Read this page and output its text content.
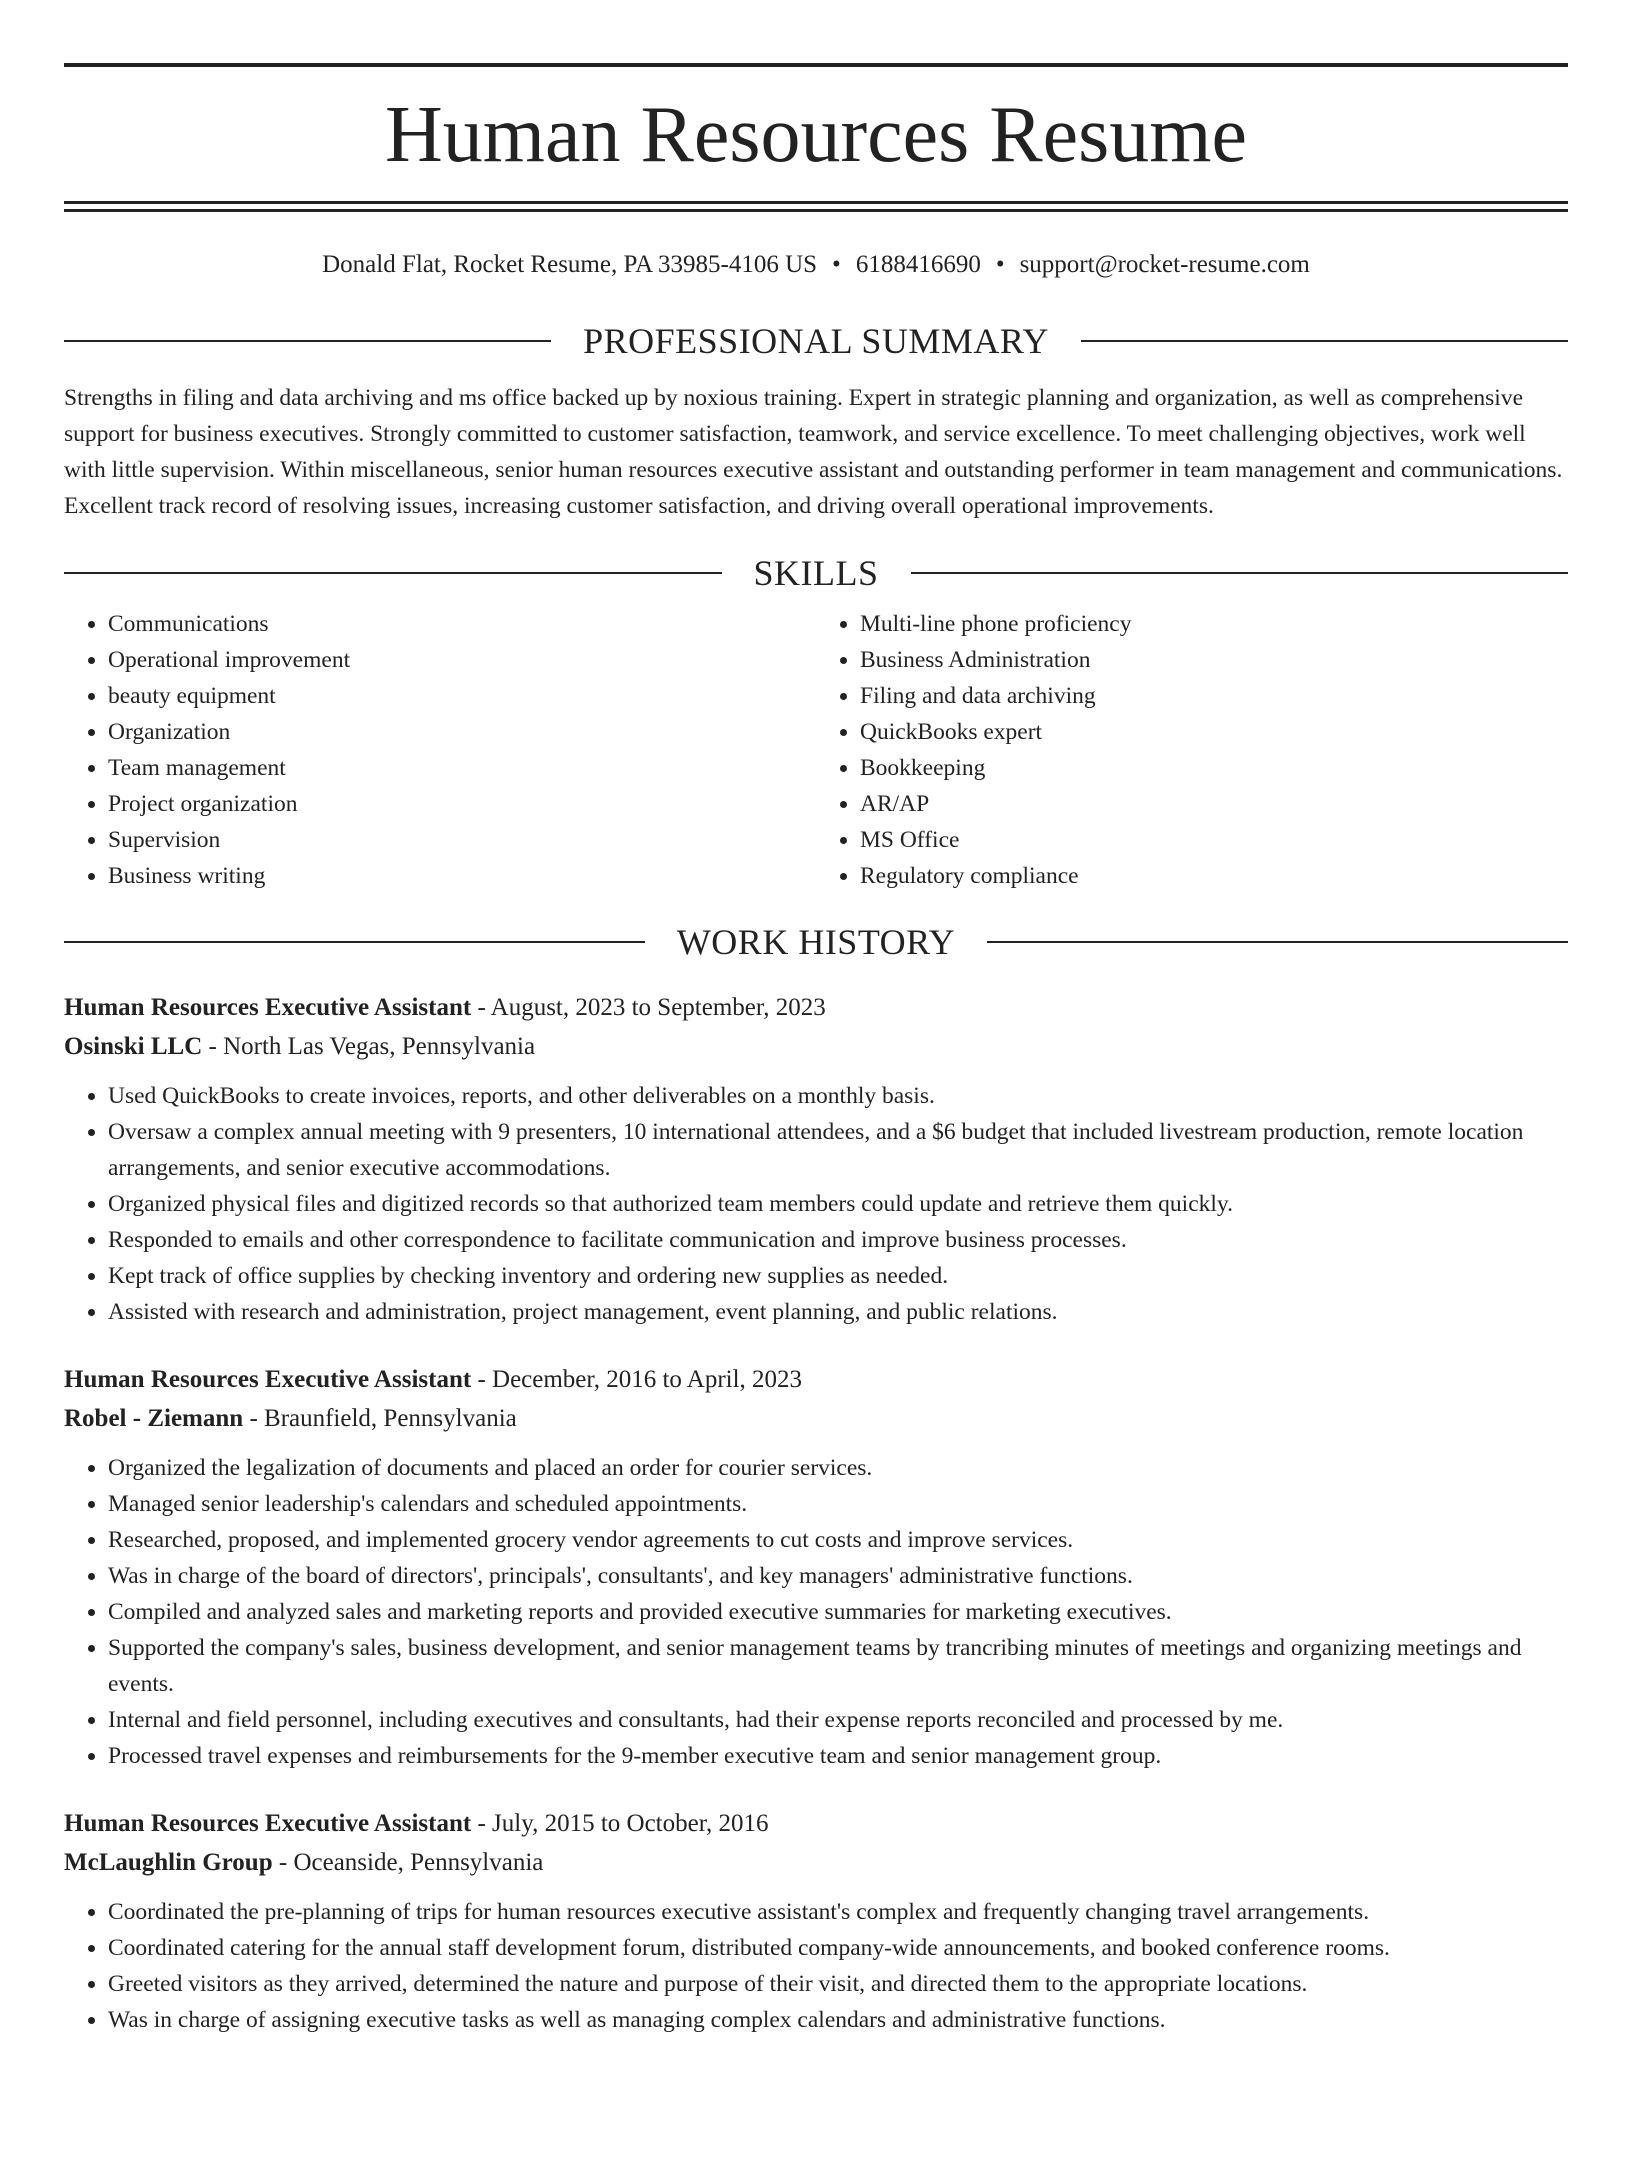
Human Resources Resume
Donald Flat, Rocket Resume, PA 33985-4106 US • 6188416690 • support@rocket-resume.com
PROFESSIONAL SUMMARY

Strengths in filing and data archiving and ms office backed up by noxious training. Expert in strategic planning and organization, as well as comprehensive support for business executives. Strongly committed to customer satisfaction, teamwork, and service excellence. To meet challenging objectives, work well with little supervision. Within miscellaneous, senior human resources executive assistant and outstanding performer in team management and communications. Excellent track record of resolving issues, increasing customer satisfaction, and driving overall operational improvements.

SKILLS
• Communications
• Operational improvement
• beauty equipment
• Organization
• Team management
• Project organization
• Supervision
• Business writing
• Multi-line phone proficiency
• Business Administration
• Filing and data archiving
• QuickBooks expert
• Bookkeeping
• AR/AP
• MS Office
• Regulatory compliance
WORK HISTORY
Human Resources Executive Assistant - August, 2023 to September, 2023
Osinski LLC - North Las Vegas, Pennsylvania
• Used QuickBooks to create invoices, reports, and other deliverables on a monthly basis.
• Oversaw a complex annual meeting with 9 presenters, 10 international attendees, and a $6 budget that included livestream production, remote location arrangements, and senior executive accommodations.
• Organized physical files and digitized records so that authorized team members could update and retrieve them quickly.
• Responded to emails and other correspondence to facilitate communication and improve business processes.
• Kept track of office supplies by checking inventory and ordering new supplies as needed.
• Assisted with research and administration, project management, event planning, and public relations.
Human Resources Executive Assistant - December, 2016 to April, 2023
Robel - Ziemann - Braunfield, Pennsylvania
• Organized the legalization of documents and placed an order for courier services.
• Managed senior leadership's calendars and scheduled appointments.
• Researched, proposed, and implemented grocery vendor agreements to cut costs and improve services.
• Was in charge of the board of directors', principals', consultants', and key managers' administrative functions.
• Compiled and analyzed sales and marketing reports and provided executive summaries for marketing executives.
• Supported the company's sales, business development, and senior management teams by trancribing minutes of meetings and organizing meetings and events.
• Internal and field personnel, including executives and consultants, had their expense reports reconciled and processed by me.
• Processed travel expenses and reimbursements for the 9-member executive team and senior management group.
Human Resources Executive Assistant - July, 2015 to October, 2016
McLaughlin Group - Oceanside, Pennsylvania
• Coordinated the pre-planning of trips for human resources executive assistant's complex and frequently changing travel arrangements.
• Coordinated catering for the annual staff development forum, distributed company-wide announcements, and booked conference rooms.
• Greeted visitors as they arrived, determined the nature and purpose of their visit, and directed them to the appropriate locations.
• Was in charge of assigning executive tasks as well as managing complex calendars and administrative functions.
